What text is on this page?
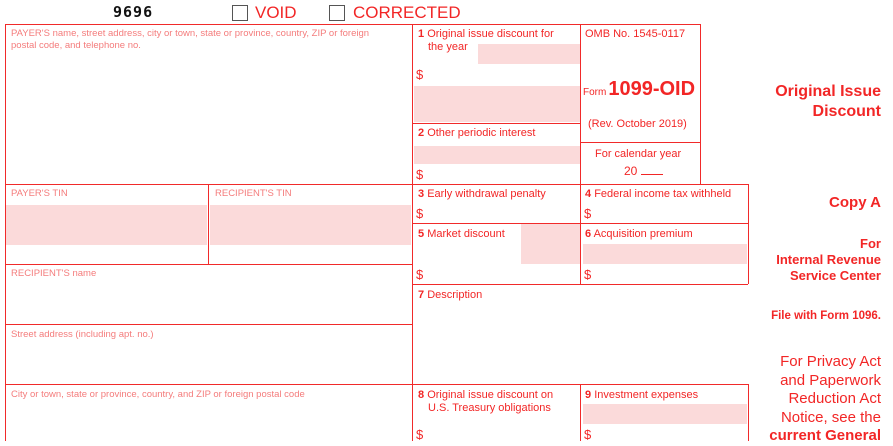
9696	VOID	CORRECTED
PAYER'S name, street address, city or town, state or province, country, ZIP or foreign postal code, and telephone no.
PAYER'S TIN	RECIPIENT'S TIN
RECIPIENT'S name
Street address (including apt. no.)
City or town, state or province, country, and ZIP or foreign postal code
1 Original issue discount for
the year
$
2 Other periodic interest
$
OMB No. 1545-0117
Form 1099-OID
(Rev. October 2019)
For calendar year
20
3 Early withdrawal penalty
$
4 Federal income tax withheld
$
5 Market discount
$
6 Acquisition premium
$
7 Description
8 Original issue discount on
U.S. Treasury obligations
$
9 Investment expenses
$
Original Issue
Discount
Copy A
For
Internal Revenue
Service Center
File with Form 1096.
For Privacy Act
and Paperwork
Reduction Act
Notice, see the
current General
